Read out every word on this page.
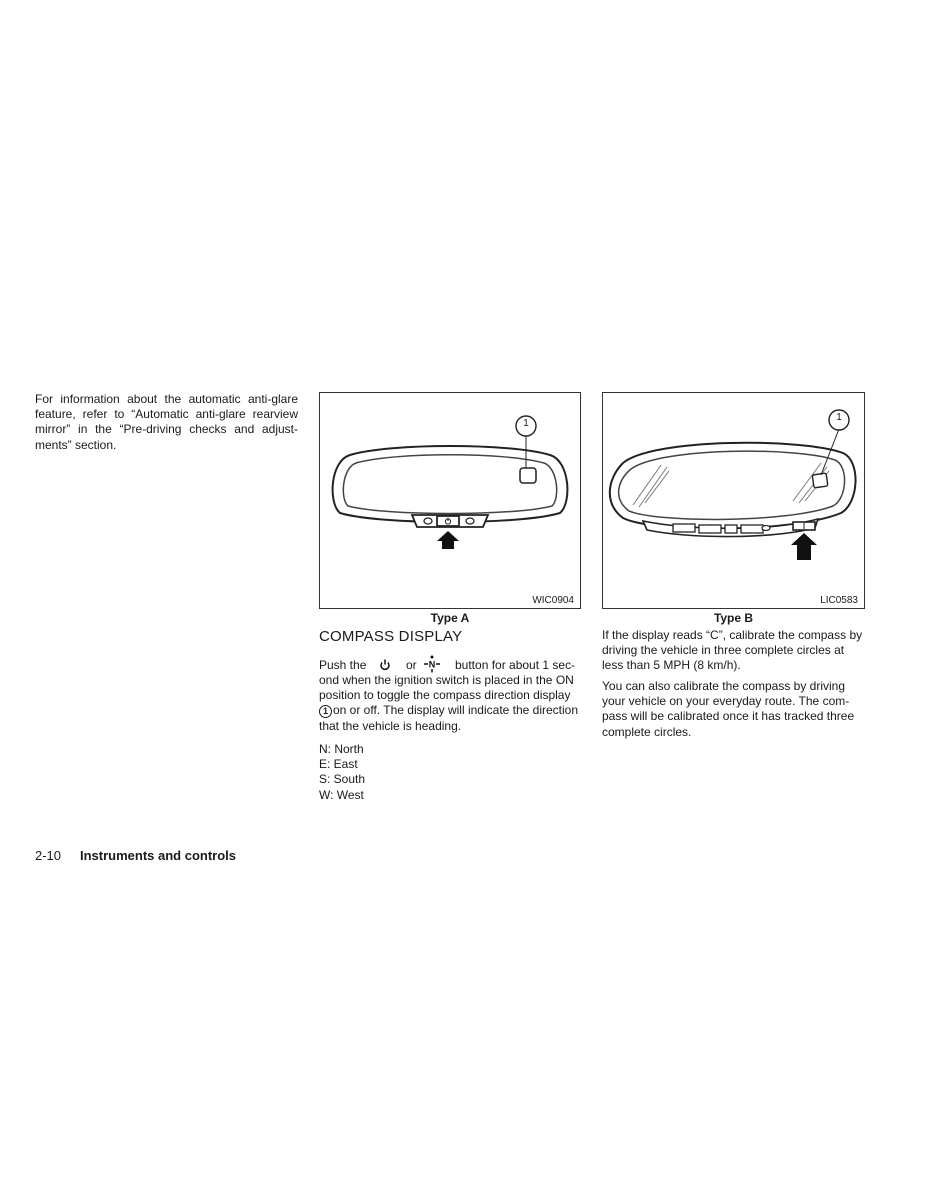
For information about the automatic anti-glare
feature, refer to “Automatic anti-glare rearview
mirror” in the “Pre-driving checks and adjust-
ments” section.
1
WIC0904
Type A
1
LIC0583
Type B
COMPASS DISPLAY
Push the	or N button for about 1 sec-
ond when the ignition switch is placed in the ON
position to toggle the compass direction display
1 on or off. The display will indicate the direction
that the vehicle is heading.
N: North
E: East
S: South
W: West
If the display reads “C”, calibrate the compass by
driving the vehicle in three complete circles at
less than 5 MPH (8 km/h).
You can also calibrate the compass by driving
your vehicle on your everyday route. The com-
pass will be calibrated once it has tracked three
complete circles.
2-10 Instruments and controls
